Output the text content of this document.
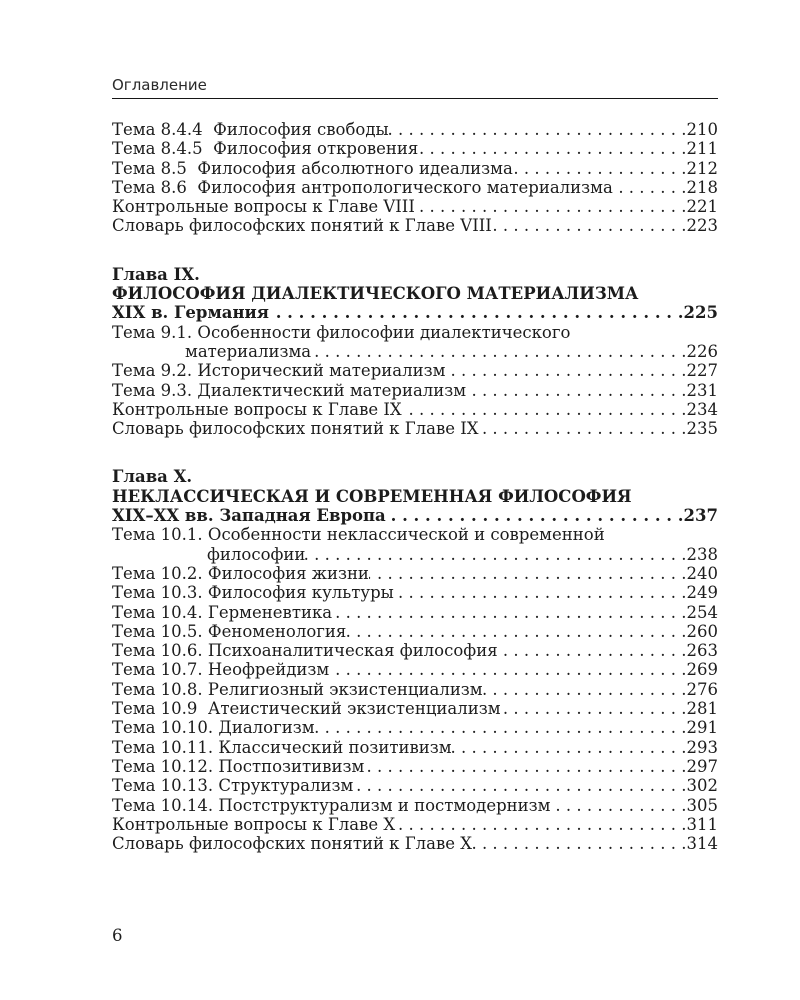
Оглавление
Тема 8.4.4  Философия свободы . . .	210
Тема 8.4.5  Философия откровения . . .	211
Тема 8.5  Философия абсолютного идеализма . . .	212
Тема 8.6  Философия антропологического материализма . . .	218
Контрольные вопросы к Главе VIII . . .	221
Словарь философских понятий к Главе VIII . . .	223
Глава IX.
ФИЛОСОФИЯ ДИАЛЕКТИЧЕСКОГО МАТЕРИАЛИЗМА
XIX в. Германия . . .	225
Тема 9.1. Особенности философии диалектического
материализма . . .	226
Тема 9.2. Исторический материализм . . .	227
Тема 9.3. Диалектический материализм . . .	231
Контрольные вопросы к Главе IX . . .	234
Словарь философских понятий к Главе IX . . .	235
Глава X.
НЕКЛАССИЧЕСКАЯ И СОВРЕМЕННАЯ ФИЛОСОФИЯ
XIX–XX вв. Западная Европа . . .	237
Тема 10.1. Особенности неклассической и современной
философии . . .	238
Тема 10.2. Философия жизни . . .	240
Тема 10.3. Философия культуры . . .	249
Тема 10.4. Герменевтика . . .	254
Тема 10.5. Феноменология . . .	260
Тема 10.6. Психоаналитическая философия . . .	263
Тема 10.7. Неофрейдизм . . .	269
Тема 10.8. Религиозный экзистенциализм . . .	276
Тема 10.9  Атеистический экзистенциализм . . .	281
Тема 10.10. Диалогизм . . .	291
Тема 10.11. Классический позитивизм . . .	293
Тема 10.12. Постпозитивизм . . .	297
Тема 10.13. Структурализм . . .	302
Тема 10.14. Постструктурализм и постмодернизм . . .	305
Контрольные вопросы к Главе X . . .	311
Словарь философских понятий к Главе X . . .	314
6
